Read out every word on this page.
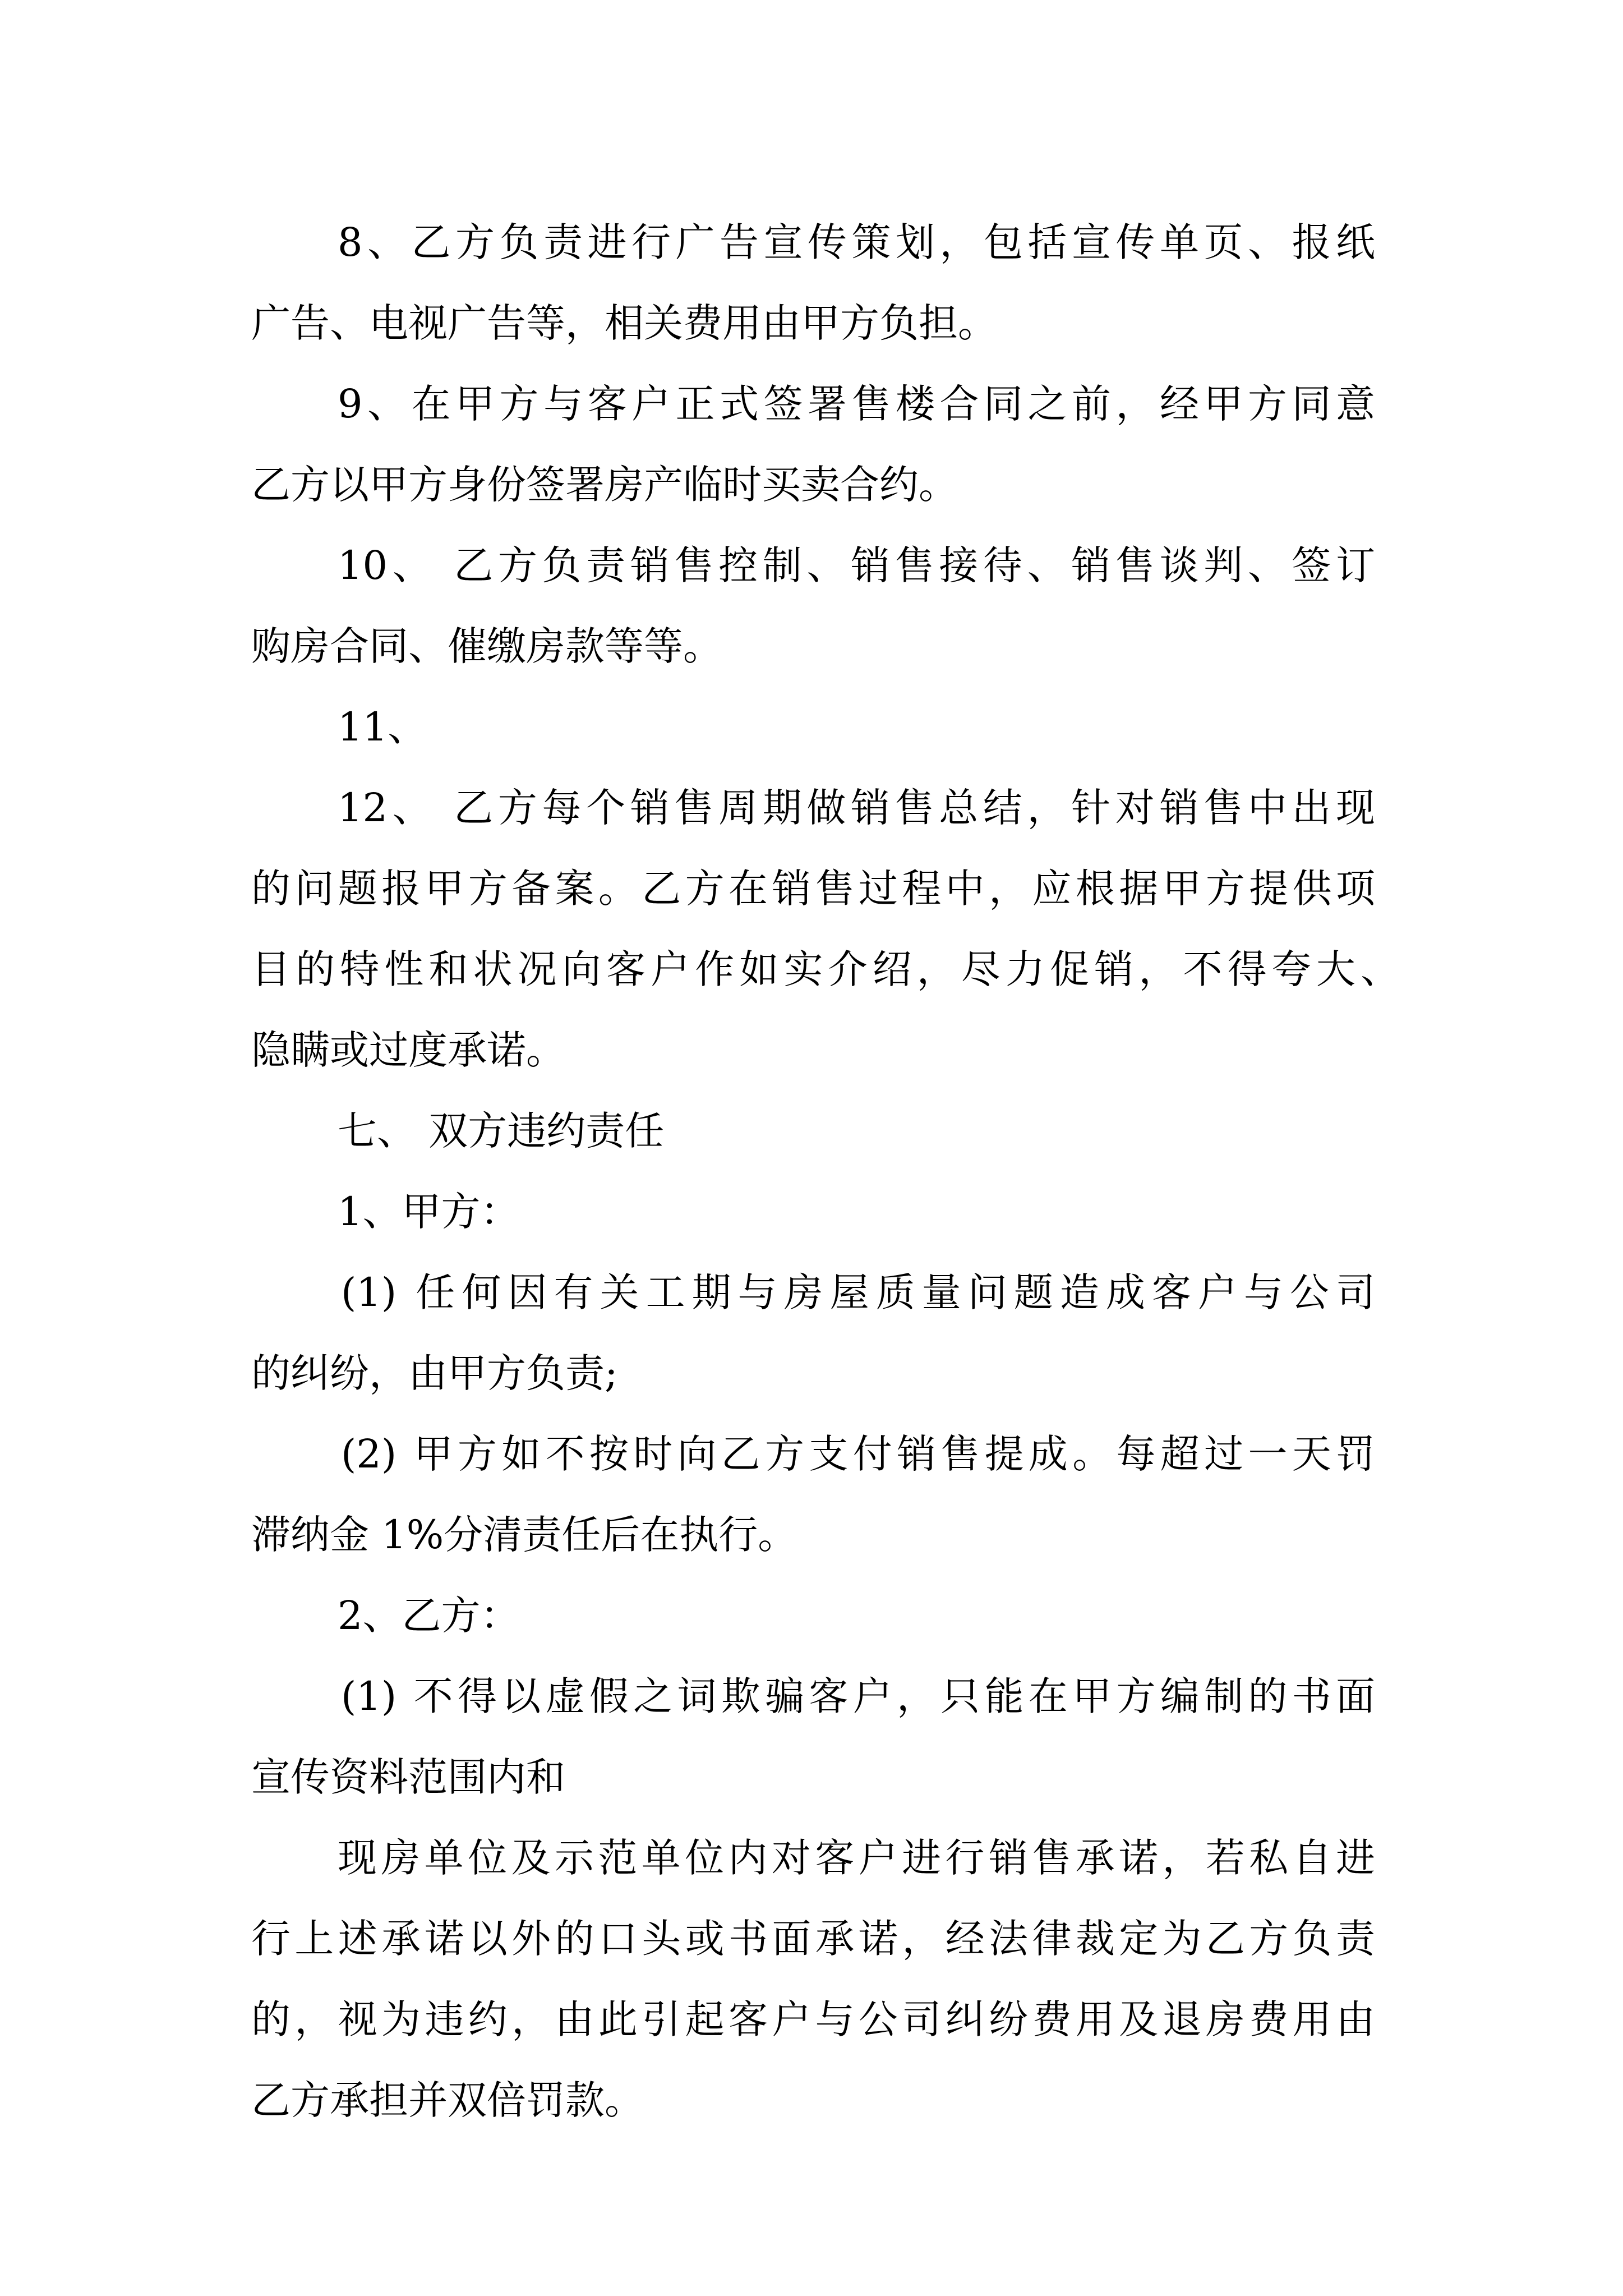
8、乙方负责进行广告宣传策划，包括宣传单页、报纸
广告、电视广告等，相关费用由甲方负担。
9、在甲方与客户正式签署售楼合同之前，经甲方同意
乙方以甲方身份签署房产临时买卖合约。
10、 乙方负责销售控制、销售接待、销售谈判、签订
购房合同、催缴房款等等。
11、
12、 乙方每个销售周期做销售总结，针对销售中出现
的问题报甲方备案。乙方在销售过程中，应根据甲方提供项
目的特性和状况向客户作如实介绍，尽力促销，不得夸大、
隐瞒或过度承诺。
七、 双方违约责任
1、甲方：
(1) 任何因有关工期与房屋质量问题造成客户与公司
的纠纷，由甲方负责;
(2) 甲方如不按时向乙方支付销售提成。每超过一天罚
滞纳金 1%分清责任后在执行。
2、乙方：
(1) 不得以虚假之词欺骗客户，只能在甲方编制的书面
宣传资料范围内和
现房单位及示范单位内对客户进行销售承诺，若私自进
行上述承诺以外的口头或书面承诺，经法律裁定为乙方负责
的，视为违约，由此引起客户与公司纠纷费用及退房费用由
乙方承担并双倍罚款。
